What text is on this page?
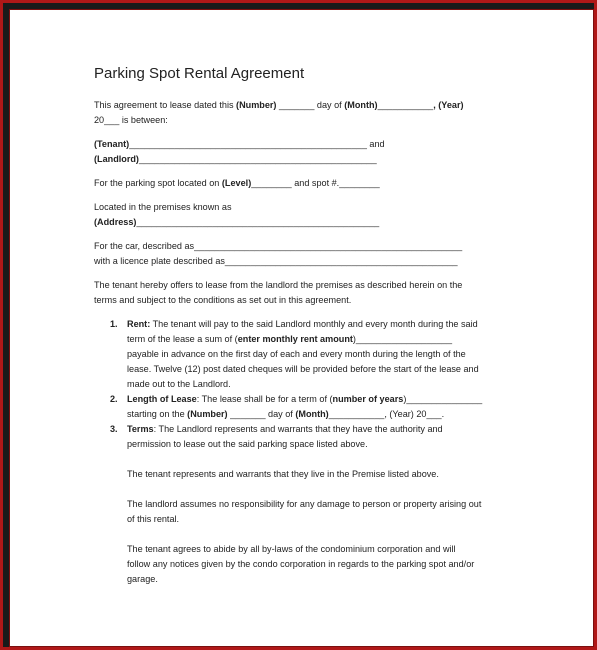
Parking Spot Rental Agreement
This agreement to lease dated this (Number) _______ day of (Month)___________, (Year)
20___ is between:
(Tenant)_______________________________________________ and
(Landlord)_______________________________________________
For the parking spot located on (Level)________ and spot #.________
Located in the premises known as
(Address)________________________________________________
For the car, described as_____________________________________________________
with a licence plate described as______________________________________________
The tenant hereby offers to lease from the landlord the premises as described herein on the
terms and subject to the conditions as set out in this agreement.
1. Rent: The tenant will pay to the said Landlord monthly and every month during the said
term of the lease a sum of (enter monthly rent amount)___________________
payable in advance on the first day of each and every month during the length of the
lease. Twelve (12) post dated cheques will be provided before the start of the lease and
made out to the Landlord.
2. Length of Lease: The lease shall be for a term of (number of years)_______________
starting on the (Number) _______ day of (Month)___________, (Year) 20___.
3. Terms: The Landlord represents and warrants that they have the authority and
permission to lease out the said parking space listed above.
The tenant represents and warrants that they live in the Premise listed above.
The landlord assumes no responsibility for any damage to person or property arising out
of this rental.
The tenant agrees to abide by all by-laws of the condominium corporation and will
follow any notices given by the condo corporation in regards to the parking spot and/or
garage.
